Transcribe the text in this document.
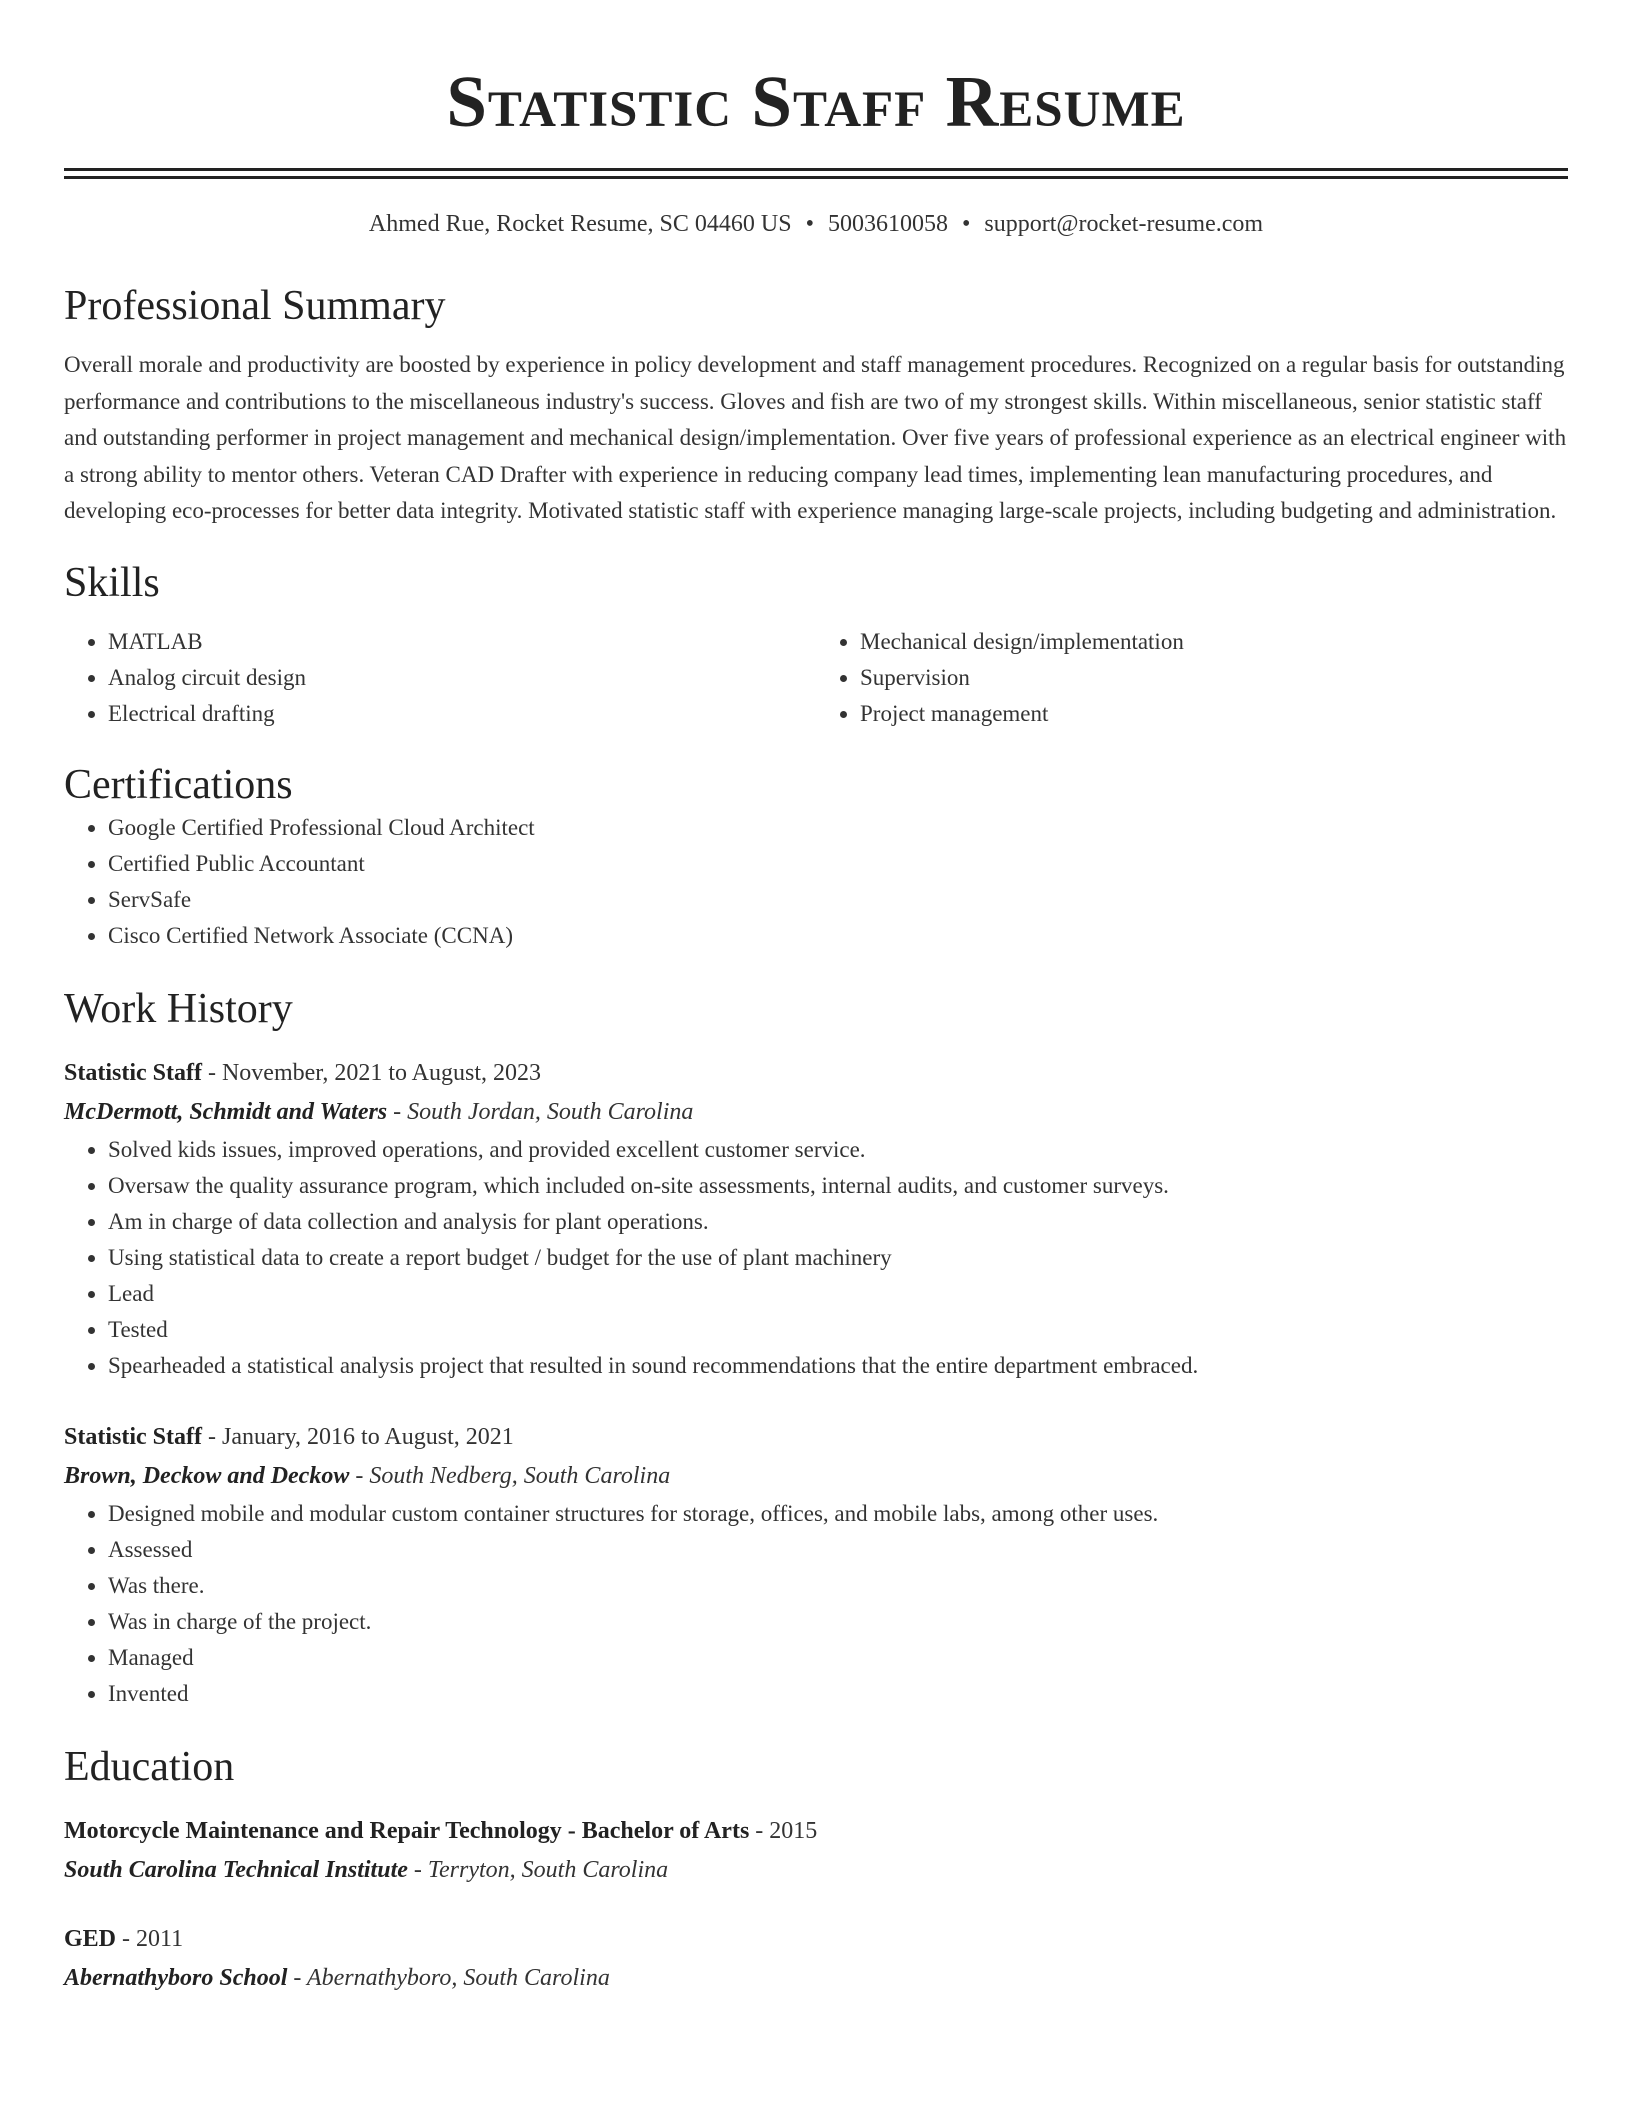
Statistic Staff Resume
Ahmed Rue, Rocket Resume, SC 04460 US • 5003610058 • support@rocket-resume.com
Professional Summary

Overall morale and productivity are boosted by experience in policy development and staff management procedures. Recognized on a regular basis for outstanding performance and contributions to the miscellaneous industry's success. Gloves and fish are two of my strongest skills. Within miscellaneous, senior statistic staff and outstanding performer in project management and mechanical design/implementation. Over five years of professional experience as an electrical engineer with a strong ability to mentor others. Veteran CAD Drafter with experience in reducing company lead times, implementing lean manufacturing procedures, and developing eco-processes for better data integrity. Motivated statistic staff with experience managing large-scale projects, including budgeting and administration.

Skills
• MATLAB
• Analog circuit design
• Electrical drafting
• Mechanical design/implementation
• Supervision
• Project management
Certifications
• Google Certified Professional Cloud Architect
• Certified Public Accountant
• ServSafe
• Cisco Certified Network Associate (CCNA)
Work History
Statistic Staff - November, 2021 to August, 2023
McDermott, Schmidt and Waters - South Jordan, South Carolina
• Solved kids issues, improved operations, and provided excellent customer service.
• Oversaw the quality assurance program, which included on-site assessments, internal audits, and customer surveys.
• Am in charge of data collection and analysis for plant operations.
• Using statistical data to create a report budget / budget for the use of plant machinery
• Lead
• Tested
• Spearheaded a statistical analysis project that resulted in sound recommendations that the entire department embraced.
Statistic Staff - January, 2016 to August, 2021
Brown, Deckow and Deckow - South Nedberg, South Carolina
• Designed mobile and modular custom container structures for storage, offices, and mobile labs, among other uses.
• Assessed
• Was there.
• Was in charge of the project.
• Managed
• Invented
Education
Motorcycle Maintenance and Repair Technology - Bachelor of Arts - 2015
South Carolina Technical Institute - Terryton, South Carolina
GED - 2011
Abernathyboro School - Abernathyboro, South Carolina
